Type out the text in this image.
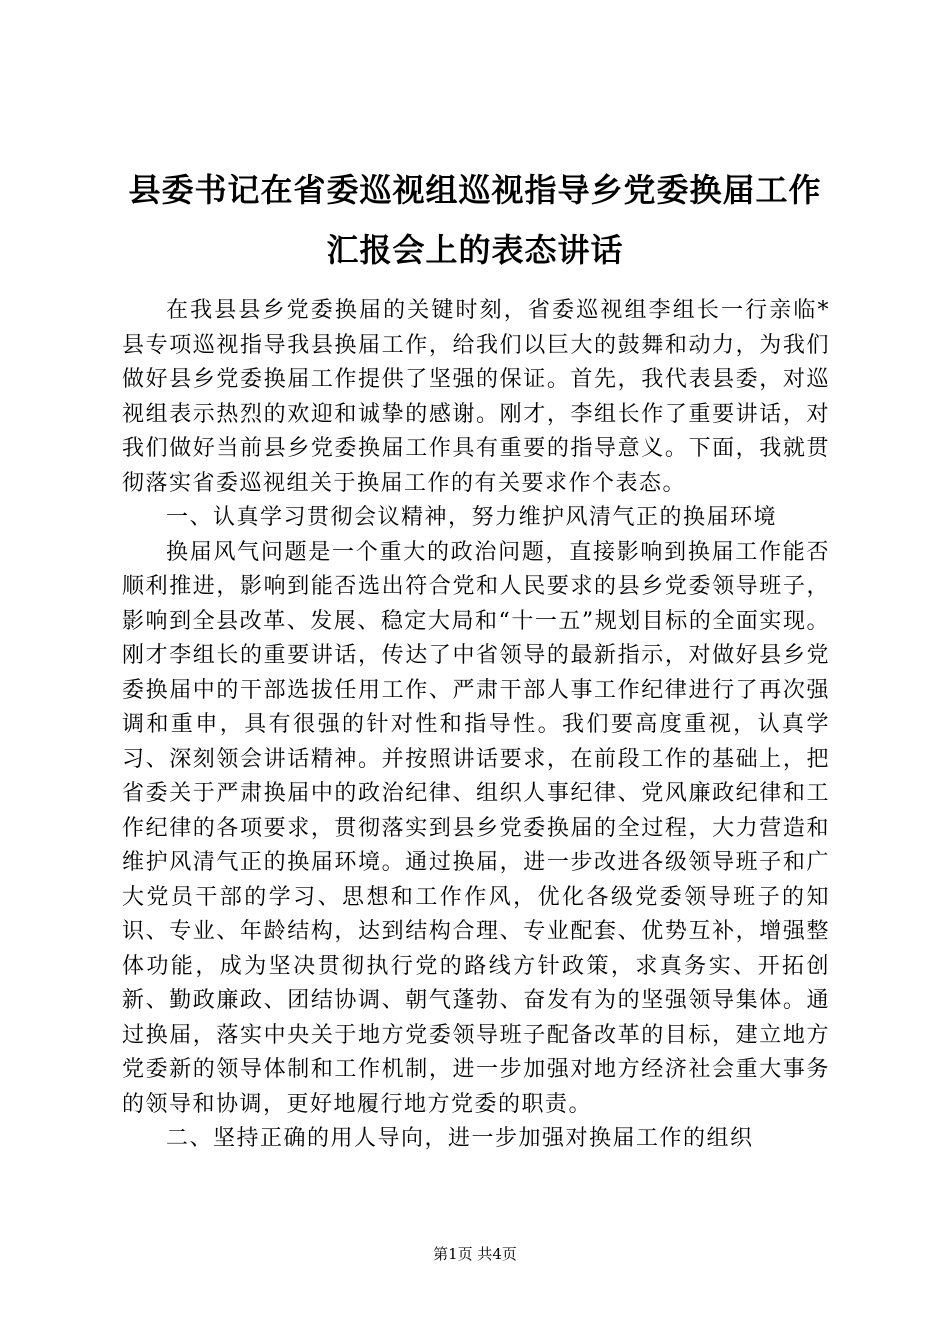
县委书记在省委巡视组巡视指导乡党委换届工作汇报会上的表态讲话

在我县县乡党委换届的关键时刻，省委巡视组李组长一行亲临*县专项巡视指导我县换届工作，给我们以巨大的鼓舞和动力，为我们做好县乡党委换届工作提供了坚强的保证。首先，我代表县委，对巡视组表示热烈的欢迎和诚挚的感谢。刚才，李组长作了重要讲话，对我们做好当前县乡党委换届工作具有重要的指导意义。下面，我就贯彻落实省委巡视组关于换届工作的有关要求作个表态。

一、认真学习贯彻会议精神，努力维护风清气正的换届环境

换届风气问题是一个重大的政治问题，直接影响到换届工作能否顺利推进，影响到能否选出符合党和人民要求的县乡党委领导班子，影响到全县改革、发展、稳定大局和“十一五”规划目标的全面实现。刚才李组长的重要讲话，传达了中省领导的最新指示，对做好县乡党委换届中的干部选拔任用工作、严肃干部人事工作纪律进行了再次强调和重申，具有很强的针对性和指导性。我们要高度重视，认真学习、深刻领会讲话精神。并按照讲话要求，在前段工作的基础上，把省委关于严肃换届中的政治纪律、组织人事纪律、党风廉政纪律和工作纪律的各项要求，贯彻落实到县乡党委换届的全过程，大力营造和维护风清气正的换届环境。通过换届，进一步改进各级领导班子和广大党员干部的学习、思想和工作作风，优化各级党委领导班子的知识、专业、年龄结构，达到结构合理、专业配套、优势互补，增强整体功能，成为坚决贯彻执行党的路线方针政策，求真务实、开拓创新、勤政廉政、团结协调、朝气蓬勃、奋发有为的坚强领导集体。通过换届，落实中央关于地方党委领导班子配备改革的目标，建立地方党委新的领导体制和工作机制，进一步加强对地方经济社会重大事务的领导和协调，更好地履行地方党委的职责。

二、坚持正确的用人导向，进一步加强对换届工作的组织

第1页 共4页
